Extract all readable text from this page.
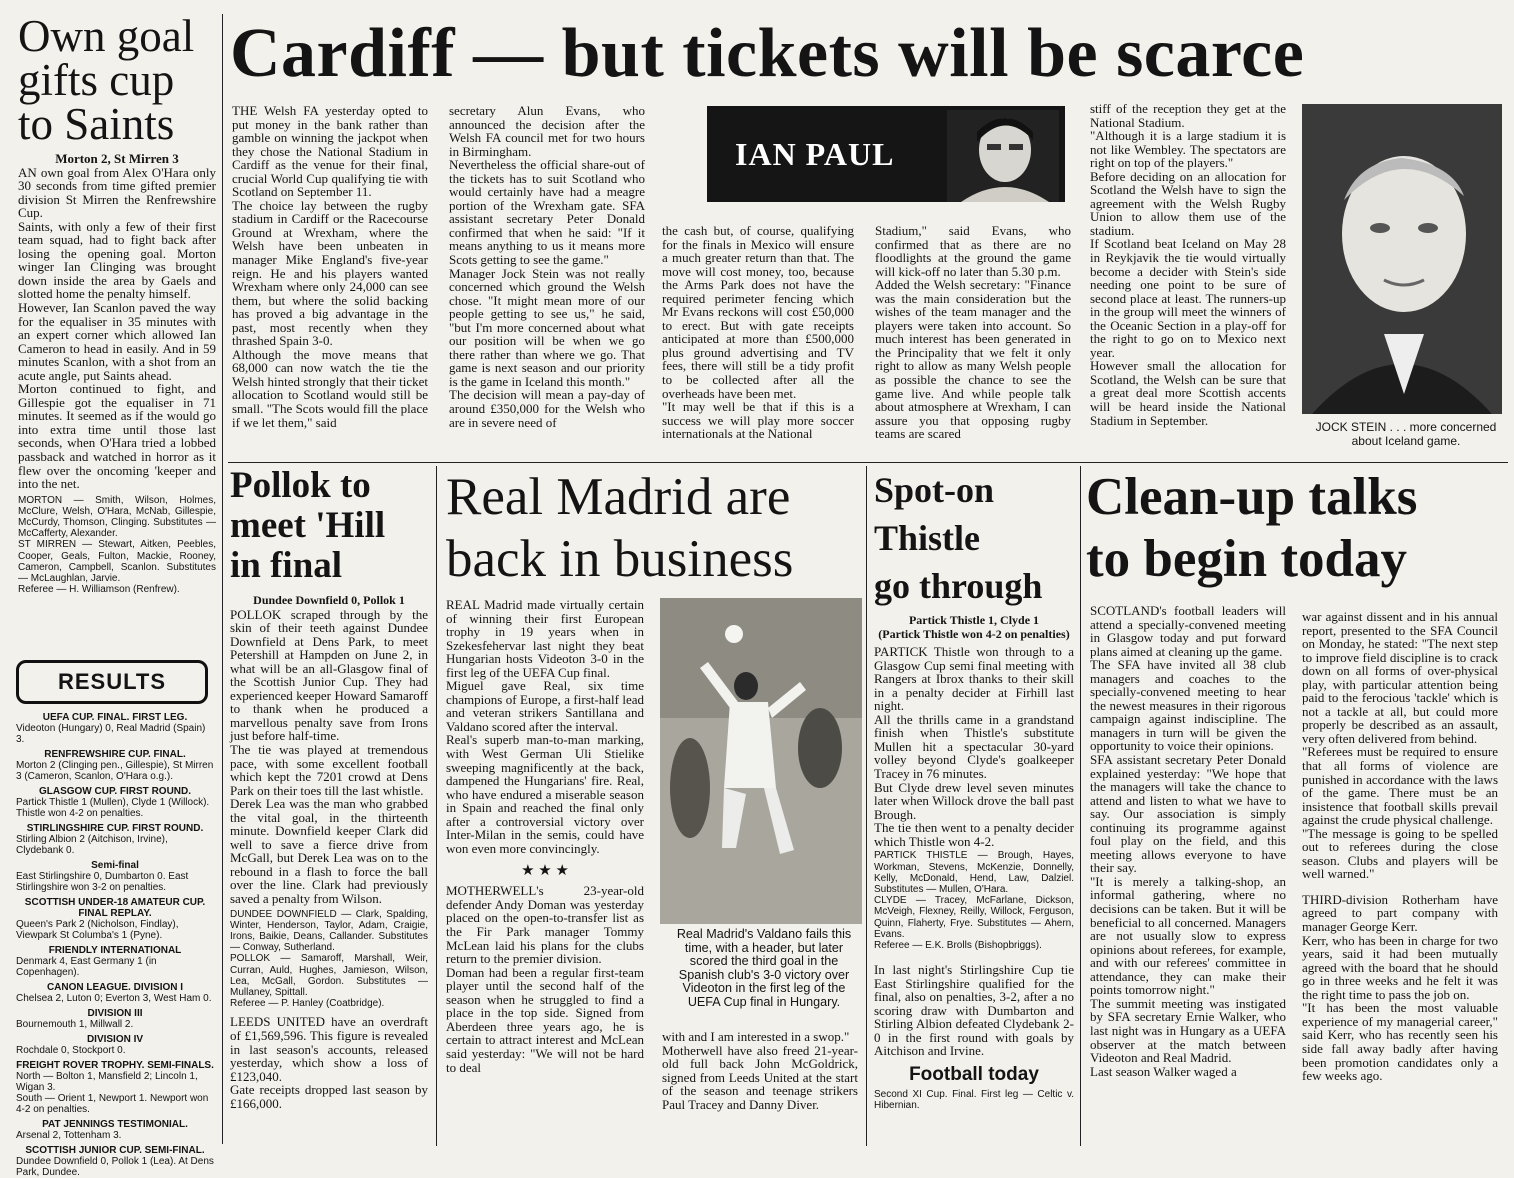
Own goal
gifts cup
to Saints

Morton 2, St Mirren 3

AN own goal from Alex O'Hara only 30 seconds from time gifted premier division St Mirren the Renfrewshire Cup.
Saints, with only a few of their first team squad, had to fight back after losing the opening goal. Morton winger Ian Clinging was brought down inside the area by Gaels and slotted home the penalty himself.
However, Ian Scanlon paved the way for the equaliser in 35 minutes with an expert corner which allowed Ian Cameron to head in easily. And in 59 minutes Scanlon, with a shot from an acute angle, put Saints ahead.
Morton continued to fight, and Gillespie got the equaliser in 71 minutes. It seemed as if the would go into extra time until those last seconds, when O'Hara tried a lobbed passback and watched in horror as it flew over the oncoming 'keeper and into the net.

MORTON — Smith, Wilson, Holmes, McClure, Welsh, O'Hara, McNab, Gillespie, McCurdy, Thomson, Clinging. Substitutes — McCafferty, Alexander.
ST MIRREN — Stewart, Aitken, Peebles, Cooper, Geals, Fulton, Mackie, Rooney, Cameron, Campbell, Scanlon. Substitutes — McLaughlan, Jarvie.
Referee — H. Williamson (Renfrew).

RESULTS

UEFA CUP. FINAL. FIRST LEG.

Videoton (Hungary) 0, Real Madrid (Spain) 3.

RENFREWSHIRE CUP. FINAL.

Morton 2 (Clinging pen., Gillespie), St Mirren 3 (Cameron, Scanlon, O'Hara o.g.).

GLASGOW CUP. FIRST ROUND.

Partick Thistle 1 (Mullen), Clyde 1 (Willock). Thistle won 4-2 on penalties.

STIRLINGSHIRE CUP. FIRST ROUND.

Stirling Albion 2 (Aitchison, Irvine), Clydebank 0.

Semi-final

East Stirlingshire 0, Dumbarton 0. East Stirlingshire won 3-2 on penalties.

SCOTTISH UNDER-18 AMATEUR CUP. FINAL REPLAY.

Queen's Park 2 (Nicholson, Findlay), Viewpark St Columba's 1 (Pyne).

FRIENDLY INTERNATIONAL

Denmark 4, East Germany 1 (in Copenhagen).

CANON LEAGUE. DIVISION I

Chelsea 2, Luton 0; Everton 3, West Ham 0.

DIVISION III

Bournemouth 1, Millwall 2.

DIVISION IV

Rochdale 0, Stockport 0.

FREIGHT ROVER TROPHY. SEMI-FINALS.

North — Bolton 1, Mansfield 2; Lincoln 1, Wigan 3.
South — Orient 1, Newport 1. Newport won 4-2 on penalties.

PAT JENNINGS TESTIMONIAL.

Arsenal 2, Tottenham 3.

SCOTTISH JUNIOR CUP. SEMI-FINAL.

Dundee Downfield 0, Pollok 1 (Lea). At Dens Park, Dundee.

Cardiff — but tickets will be scarce

THE Welsh FA yesterday opted to put money in the bank rather than gamble on winning the jackpot when they chose the National Stadium in Cardiff as the venue for their final, crucial World Cup qualifying tie with Scotland on September 11.
The choice lay between the rugby stadium in Cardiff or the Racecourse Ground at Wrexham, where the Welsh have been unbeaten in manager Mike England's five-year reign. He and his players wanted Wrexham where only 24,000 can see them, but where the solid backing has proved a big advantage in the past, most recently when they thrashed Spain 3-0.
Although the move means that 68,000 can now watch the tie the Welsh hinted strongly that their ticket allocation to Scotland would still be small. "The Scots would fill the place if we let them," said

secretary Alun Evans, who announced the decision after the Welsh FA council met for two hours in Birmingham.
Nevertheless the official share-out of the tickets has to suit Scotland who would certainly have had a meagre portion of the Wrexham gate. SFA assistant secretary Peter Donald confirmed that when he said: "If it means anything to us it means more Scots getting to see the game."
Manager Jock Stein was not really concerned which ground the Welsh chose. "It might mean more of our people getting to see us," he said, "but I'm more concerned about what our position will be when we go there rather than where we go. That game is next season and our priority is the game in Iceland this month."
The decision will mean a pay-day of around £350,000 for the Welsh who are in severe need of

IAN PAUL

the cash but, of course, qualifying for the finals in Mexico will ensure a much greater return than that. The move will cost money, too, because the Arms Park does not have the required perimeter fencing which Mr Evans reckons will cost £50,000 to erect. But with gate receipts anticipated at more than £500,000 plus ground advertising and TV fees, there will still be a tidy profit to be collected after all the overheads have been met.
"It may well be that if this is a success we will play more soccer internationals at the National

Stadium," said Evans, who confirmed that as there are no floodlights at the ground the game will kick-off no later than 5.30 p.m.
Added the Welsh secretary: "Finance was the main consideration but the wishes of the team manager and the players were taken into account. So much interest has been generated in the Principality that we felt it only right to allow as many Welsh people as possible the chance to see the game live. And while people talk about atmosphere at Wrexham, I can assure you that opposing rugby teams are scared

stiff of the reception they get at the National Stadium.
"Although it is a large stadium it is not like Wembley. The spectators are right on top of the players."
Before deciding on an allocation for Scotland the Welsh have to sign the agreement with the Welsh Rugby Union to allow them use of the stadium.
If Scotland beat Iceland on May 28 in Reykjavik the tie would virtually become a decider with Stein's side needing one point to be sure of second place at least. The runners-up in the group will meet the winners of the Oceanic Section in a play-off for the right to go on to Mexico next year.
However small the allocation for Scotland, the Welsh can be sure that a great deal more Scottish accents will be heard inside the National Stadium in September.	JOCK STEIN . . . more concerned about Iceland game.

Pollok to
meet 'Hill
in final

Dundee Downfield 0, Pollok 1

POLLOK scraped through by the skin of their teeth against Dundee Downfield at Dens Park, to meet Petershill at Hampden on June 2, in what will be an all-Glasgow final of the Scottish Junior Cup. They had experienced keeper Howard Samaroff to thank when he produced a marvellous penalty save from Irons just before half-time.
The tie was played at tremendous pace, with some excellent football which kept the 7201 crowd at Dens Park on their toes till the last whistle.
Derek Lea was the man who grabbed the vital goal, in the thirteenth minute. Downfield keeper Clark did well to save a fierce drive from McGall, but Derek Lea was on to the rebound in a flash to force the ball over the line. Clark had previously saved a penalty from Wilson.

DUNDEE DOWNFIELD — Clark, Spalding, Winter, Henderson, Taylor, Adam, Craigie, Irons, Baikie, Deans, Callander. Substitutes — Conway, Sutherland.
POLLOK — Samaroff, Marshall, Weir, Curran, Auld, Hughes, Jamieson, Wilson, Lea, McGall, Gordon. Substitutes — Mullaney, Spittall.
Referee — P. Hanley (Coatbridge).

LEEDS UNITED have an overdraft of £1,569,596. This figure is revealed in last season's accounts, released yesterday, which show a loss of £123,040.
Gate receipts dropped last season by £166,000.

Real Madrid are
back in business

REAL Madrid made virtually certain of winning their first European trophy in 19 years when in Szekesfehervar last night they beat Hungarian hosts Videoton 3-0 in the first leg of the UEFA Cup final.
Miguel gave Real, six time champions of Europe, a first-half lead and veteran strikers Santillana and Valdano scored after the interval.
Real's superb man-to-man marking, with West German Uli Stielike sweeping magnificently at the back, dampened the Hungarians' fire. Real, who have endured a miserable season in Spain and reached the final only after a controversial victory over Inter-Milan in the semis, could have won even more convincingly.

★ ★ ★

MOTHERWELL's 23-year-old defender Andy Doman was yesterday placed on the open-to-transfer list as the Fir Park manager Tommy McLean laid his plans for the clubs return to the premier division.
Doman had been a regular first-team player until the second half of the season when he struggled to find a place in the top side. Signed from Aberdeen three years ago, he is certain to attract interest and McLean said yesterday: "We will not be hard to deal

Real Madrid's Valdano fails this time, with a header, but later scored the third goal in the Spanish club's 3-0 victory over Videoton in the first leg of the UEFA Cup final in Hungary.

with and I am interested in a swop."
Motherwell have also freed 21-year-old full back John McGoldrick, signed from Leeds United at the start of the season and teenage strikers Paul Tracey and Danny Diver.

Spot-on
Thistle
go through

Partick Thistle 1, Clyde 1
(Partick Thistle won 4-2 on penalties)

PARTICK Thistle won through to a Glasgow Cup semi final meeting with Rangers at Ibrox thanks to their skill in a penalty decider at Firhill last night.
All the thrills came in a grandstand finish when Thistle's substitute Mullen hit a spectacular 30-yard volley beyond Clyde's goalkeeper Tracey in 76 minutes.
But Clyde drew level seven minutes later when Willock drove the ball past Brough.
The tie then went to a penalty decider which Thistle won 4-2.

PARTICK THISTLE — Brough, Hayes, Workman, Stevens, McKenzie, Donnelly, Kelly, McDonald, Hend, Law, Dalziel. Substitutes — Mullen, O'Hara.
CLYDE — Tracey, McFarlane, Dickson, McVeigh, Flexney, Reilly, Willock, Ferguson, Quinn, Flaherty, Frye. Substitutes — Ahern, Evans.
Referee — E.K. Brolls (Bishopbriggs).

In last night's Stirlingshire Cup tie East Stirlingshire qualified for the final, also on penalties, 3-2, after a no scoring draw with Dumbarton and Stirling Albion defeated Clydebank 2-0 in the first round with goals by Aitchison and Irvine.

Football today

Second XI Cup. Final. First leg — Celtic v. Hibernian.

Clean-up talks
to begin today

SCOTLAND's football leaders will attend a specially-convened meeting in Glasgow today and put forward plans aimed at cleaning up the game.
The SFA have invited all 38 club managers and coaches to the specially-convened meeting to hear the newest measures in their rigorous campaign against indiscipline. The managers in turn will be given the opportunity to voice their opinions.
SFA assistant secretary Peter Donald explained yesterday: "We hope that the managers will take the chance to attend and listen to what we have to say. Our association is simply continuing its programme against foul play on the field, and this meeting allows everyone to have their say.
"It is merely a talking-shop, an informal gathering, where no decisions can be taken. But it will be beneficial to all concerned. Managers are not usually slow to express opinions about referees, for example, and with our referees' committee in attendance, they can make their points tomorrow night."
The summit meeting was instigated by SFA secretary Ernie Walker, who last night was in Hungary as a UEFA observer at the match between Videoton and Real Madrid.
Last season Walker waged a

war against dissent and in his annual report, presented to the SFA Council on Monday, he stated: "The next step to improve field discipline is to crack down on all forms of over-physical play, with particular attention being paid to the ferocious 'tackle' which is not a tackle at all, but could more properly be described as an assault, very often delivered from behind.
"Referees must be required to ensure that all forms of violence are punished in accordance with the laws of the game. There must be an insistence that football skills prevail against the crude physical challenge.
"The message is going to be spelled out to referees during the close season. Clubs and players will be well warned."

THIRD-division Rotherham have agreed to part company with manager George Kerr.
Kerr, who has been in charge for two years, said it had been mutually agreed with the board that he should go in three weeks and he felt it was the right time to pass the job on.
"It has been the most valuable experience of my managerial career," said Kerr, who has recently seen his side fall away badly after having been promotion candidates only a few weeks ago.
